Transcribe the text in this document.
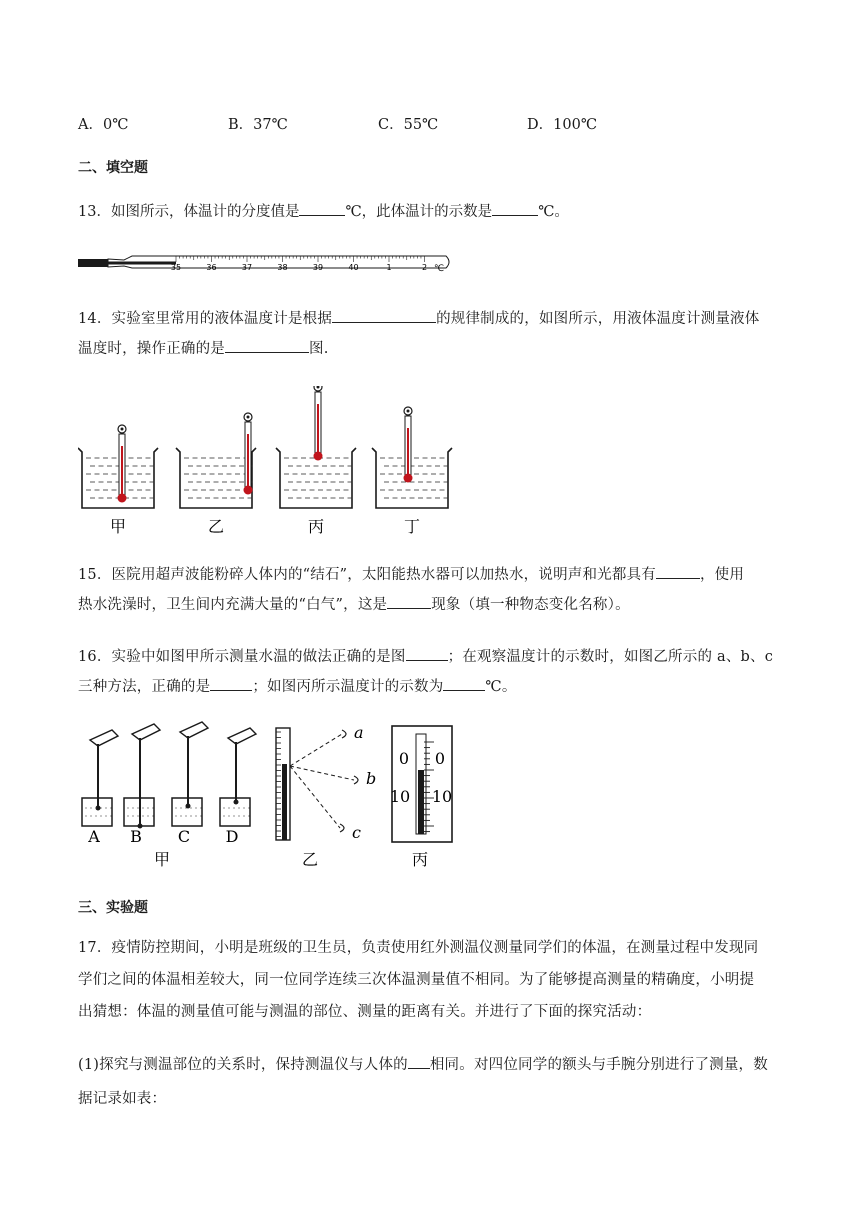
A．0℃	B．37℃	C．55℃	D．100℃
二、填空题
13．如图所示，体温计的分度值是	℃，此体温计的示数是	℃。
35	36	37	38	39	40	1	2 ℃
14．实验室里常用的液体温度计是根据	的规律制成的，如图所示，用液体温度计测量液体
温度时，操作正确的是	图.
甲	乙	丙	丁
15．医院用超声波能粉碎人体内的“结石”，太阳能热水器可以加热水，说明声和光都具有	，使用
热水洗澡时，卫生间内充满大量的“白气”，这是	现象（填一种物态变化名称）。
16．实验中如图甲所示测量水温的做法正确的是图	；在观察温度计的示数时，如图乙所示的 a、b、c
三种方法，正确的是	；如图丙所示温度计的示数为	℃。
A B C D
甲
a
b
c
乙
0 0
10 10
丙
三、实验题
17．疫情防控期间，小明是班级的卫生员，负责使用红外测温仪测量同学们的体温，在测量过程中发现同
学们之间的体温相差较大，同一位同学连续三次体温测量值不相同。为了能够提高测量的精确度，小明提
出猜想：体温的测量值可能与测温的部位、测量的距离有关。并进行了下面的探究活动：
(1)探究与测温部位的关系时，保持测温仪与人体的 相同。对四位同学的额头与手腕分别进行了测量，数
据记录如表：
